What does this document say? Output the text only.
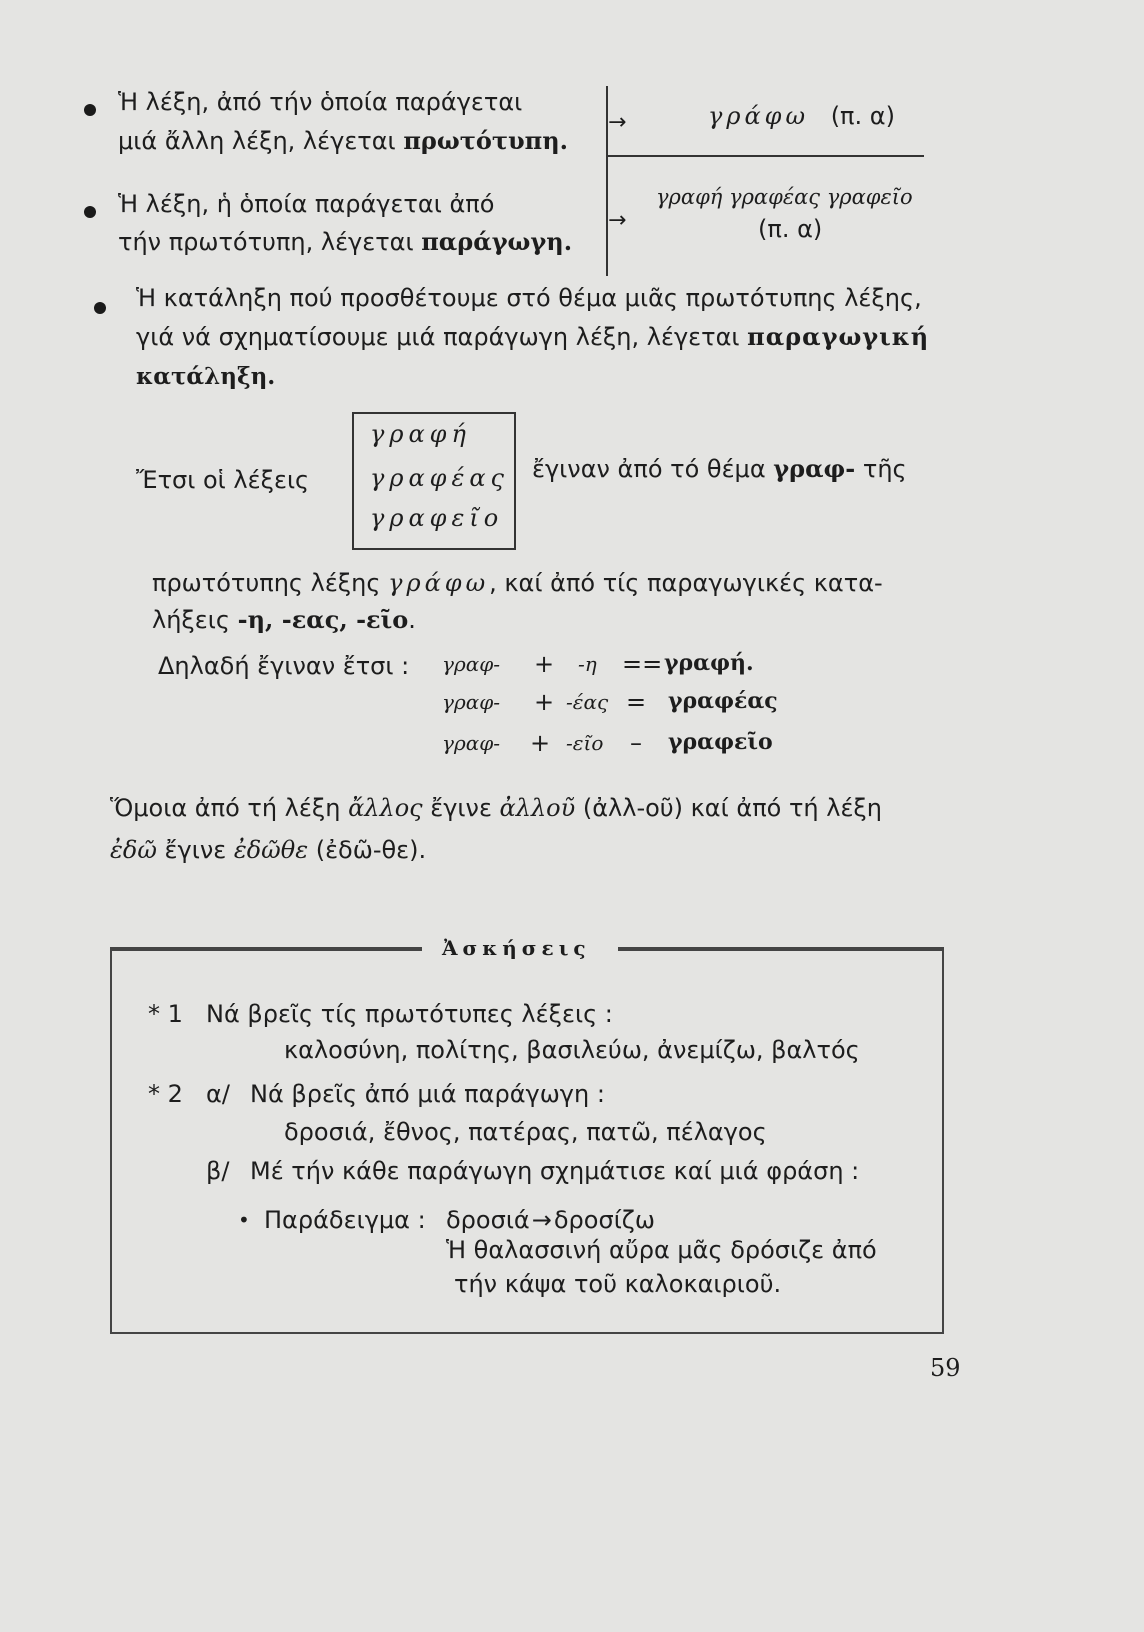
Ἡ λέξη, ἀπό τήν ὁποία παράγεται
μιά ἄλλη λέξη, λέγεται πρωτότυπη.
→	γράφω (π. α)
Ἡ λέξη, ἡ ὁποία παράγεται ἀπό
τήν πρωτότυπη, λέγεται παράγωγη.
→
γραφή γραφέας γραφεῖο
(π. α)
Ἡ κατάληξη πού προσθέτουμε στό θέμα μιᾶς πρωτότυπης λέξης,
γιά νά σχηματίσουμε μιά παράγωγη λέξη, λέγεται παραγωγική
κατάληξη.
Ἔτσι οἱ λέξεις
γραφή
γραφέας
γραφεῖο
ἔγιναν ἀπό τό θέμα γραφ- τῆς
πρωτότυπης λέξης γράφω, καί ἀπό τίς παραγωγικές κατα-
λήξεις -η, -εας, -εῖο.
Δηλαδή ἔγιναν ἔτσι : γραφ- + -η == γραφή.
γραφ- + -έας = γραφέας
γραφ- + -εῖο – γραφεῖο
Ὅμοια ἀπό τή λέξη ἄλλος ἔγινε ἀλλοῦ (ἀλλ-οῦ) καί ἀπό τή λέξη
ἐδῶ ἔγινε ἐδῶθε (ἐδῶ-θε).
Ἀσκήσεις
* 1 Νά βρεῖς τίς πρωτότυπες λέξεις :
καλοσύνη, πολίτης, βασιλεύω, ἀνεμίζω, βαλτός
* 2 α/ Νά βρεῖς ἀπό μιά παράγωγη :
δροσιά, ἔθνος, πατέρας, πατῶ, πέλαγος
β/ Μέ τήν κάθε παράγωγη σχημάτισε καί μιά φράση :
• Παράδειγμα : δροσιά→δροσίζω
Ἡ θαλασσινή αὔρα μᾶς δρόσιζε ἀπό
τήν κάψα τοῦ καλοκαιριοῦ.
59
